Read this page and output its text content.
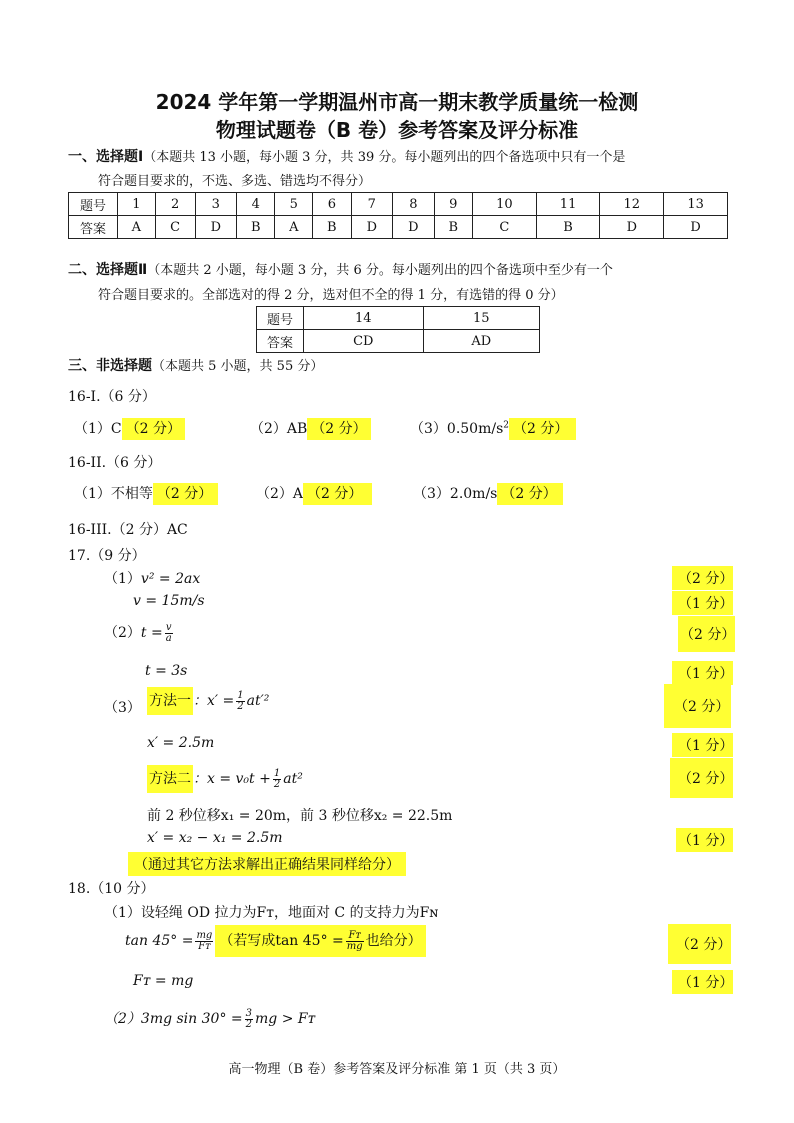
2024 学年第一学期温州市高一期末教学质量统一检测
物理试题卷（B 卷）参考答案及评分标准
一、选择题Ⅰ（本题共 13 小题，每小题 3 分，共 39 分。每小题列出的四个备选项中只有一个是
符合题目要求的，不选、多选、错选均不得分）
题号	1	2	3	4	5	6	7	8	9	10	11	12	13
答案	A	C	D	B	A	B	D	D	B	C	B	D	D
二、选择题Ⅱ（本题共 2 小题，每小题 3 分，共 6 分。每小题列出的四个备选项中至少有一个
符合题目要求的。全部选对的得 2 分，选对但不全的得 1 分，有选错的得 0 分）
题号	14	15
答案	CD	AD
三、非选择题（本题共 5 小题，共 55 分）
16-I.（6 分）
（1）C （2 分）	（2）AB （2 分）	$(3)0.50m/s^2$ （2 分）
16-II.（6 分）
（1）不相等 （2 分）	（2）A （2 分）	（3）2.0m/s （2 分）
16-III.（2 分）AC
17.（9 分）
（1）v² = 2ax	（2 分）
v = 15m/s	（1 分）
$(2)t = \frac{v}{a}$	（2 分）
t = 3s	（1 分）
（3） 方法一 ：$x' = \frac{1}{2} at'^2$	（2 分）
x′ = 2.5m	（1 分）
方法二 ：$x = v_0t + \frac{1}{2} at^2$	（2 分）
前 2 秒位移x₁ = 20m，前 3 秒位移x₂ = 22.5m
x′ = x₂ − x₁ = 2.5m	（1 分）
（通过其它方法求解出正确结果同样给分）
18.（10 分）
（1）设轻绳 OD 拉力为Fᴛ，地面对 C 的支持力为Fɴ
$\tan 45^\circ = \frac{mg}{\text{Fᴛ}}$ （若写成$\tan 45^\circ = \frac{\text{Fᴛ}}{mg}$ 也给分）	（2 分）
Fᴛ = mg	（1 分）
（2）3mg $\sin 30^\circ = \frac{3}{2}$ mg > Fᴛ
高一物理（B 卷）参考答案及评分标准 第 1 页（共 3 页）
